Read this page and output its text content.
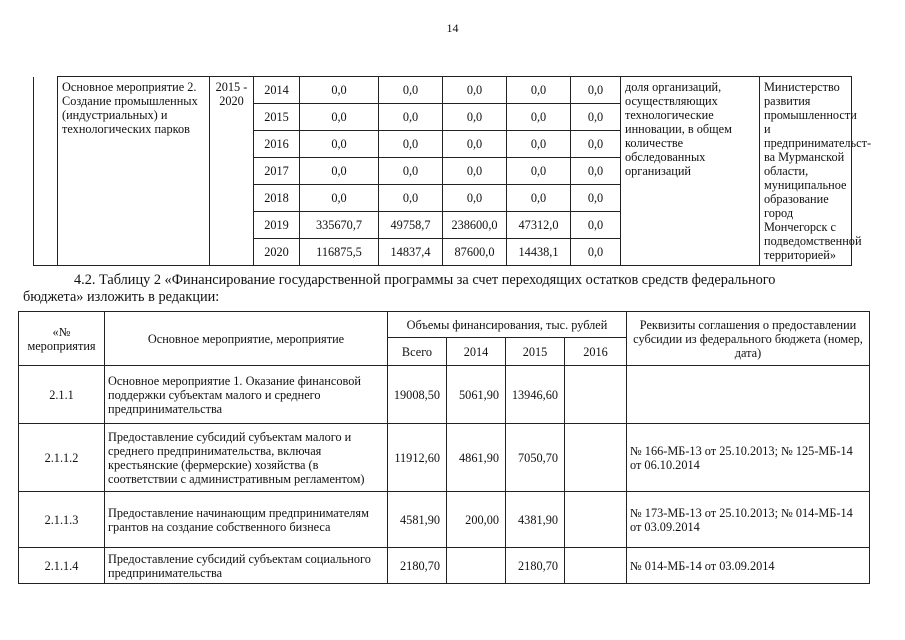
14
	Основное мероприятие 2. Создание промышленных (индустриальных) и технологических парков	2015 - 2020	2014	0,0	0,0	0,0	0,0	0,0	доля организаций, осуществляющих технологические инновации, в общем количестве обследованных организаций	Министерство развития промышленности и предпринимательст-ва Мурманской области, муниципальное образование город Мончегорск с подведомственной территорией»
			2015	0,0	0,0	0,0	0,0	0,0		
			2016	0,0	0,0	0,0	0,0	0,0		
			2017	0,0	0,0	0,0	0,0	0,0		
			2018	0,0	0,0	0,0	0,0	0,0		
			2019	335670,7	49758,7	238600,0	47312,0	0,0		
			2020	116875,5	14837,4	87600,0	14438,1	0,0		
4.2. Таблицу 2 «Финансирование государственной программы за счет переходящих остатков средств федерального
бюджета» изложить в редакции:
«№ мероприятия	Основное мероприятие, мероприятие	Объемы финансирования, тыс. рублей				Реквизиты соглашения о предоставлении субсидии из федерального бюджета (номер, дата)
		Всего	2014	2015	2016	
2.1.1	Основное мероприятие 1. Оказание финансовой поддержки субъектам малого и среднего предпринимательства	19008,50	5061,90	13946,60		
2.1.1.2	Предоставление субсидий субъектам малого и среднего предпринимательства, включая крестьянские (фермерские) хозяйства (в соответствии с административным регламентом)	11912,60	4861,90	7050,70		№ 166-МБ-13 от 25.10.2013; № 125-МБ-14 от 06.10.2014
2.1.1.3	Предоставление начинающим предпринимателям грантов на создание собственного бизнеса	4581,90	200,00	4381,90		№ 173-МБ-13 от 25.10.2013; № 014-МБ-14 от 03.09.2014
2.1.1.4	Предоставление субсидий субъектам социального предпринимательства	2180,70		2180,70		№ 014-МБ-14 от 03.09.2014
